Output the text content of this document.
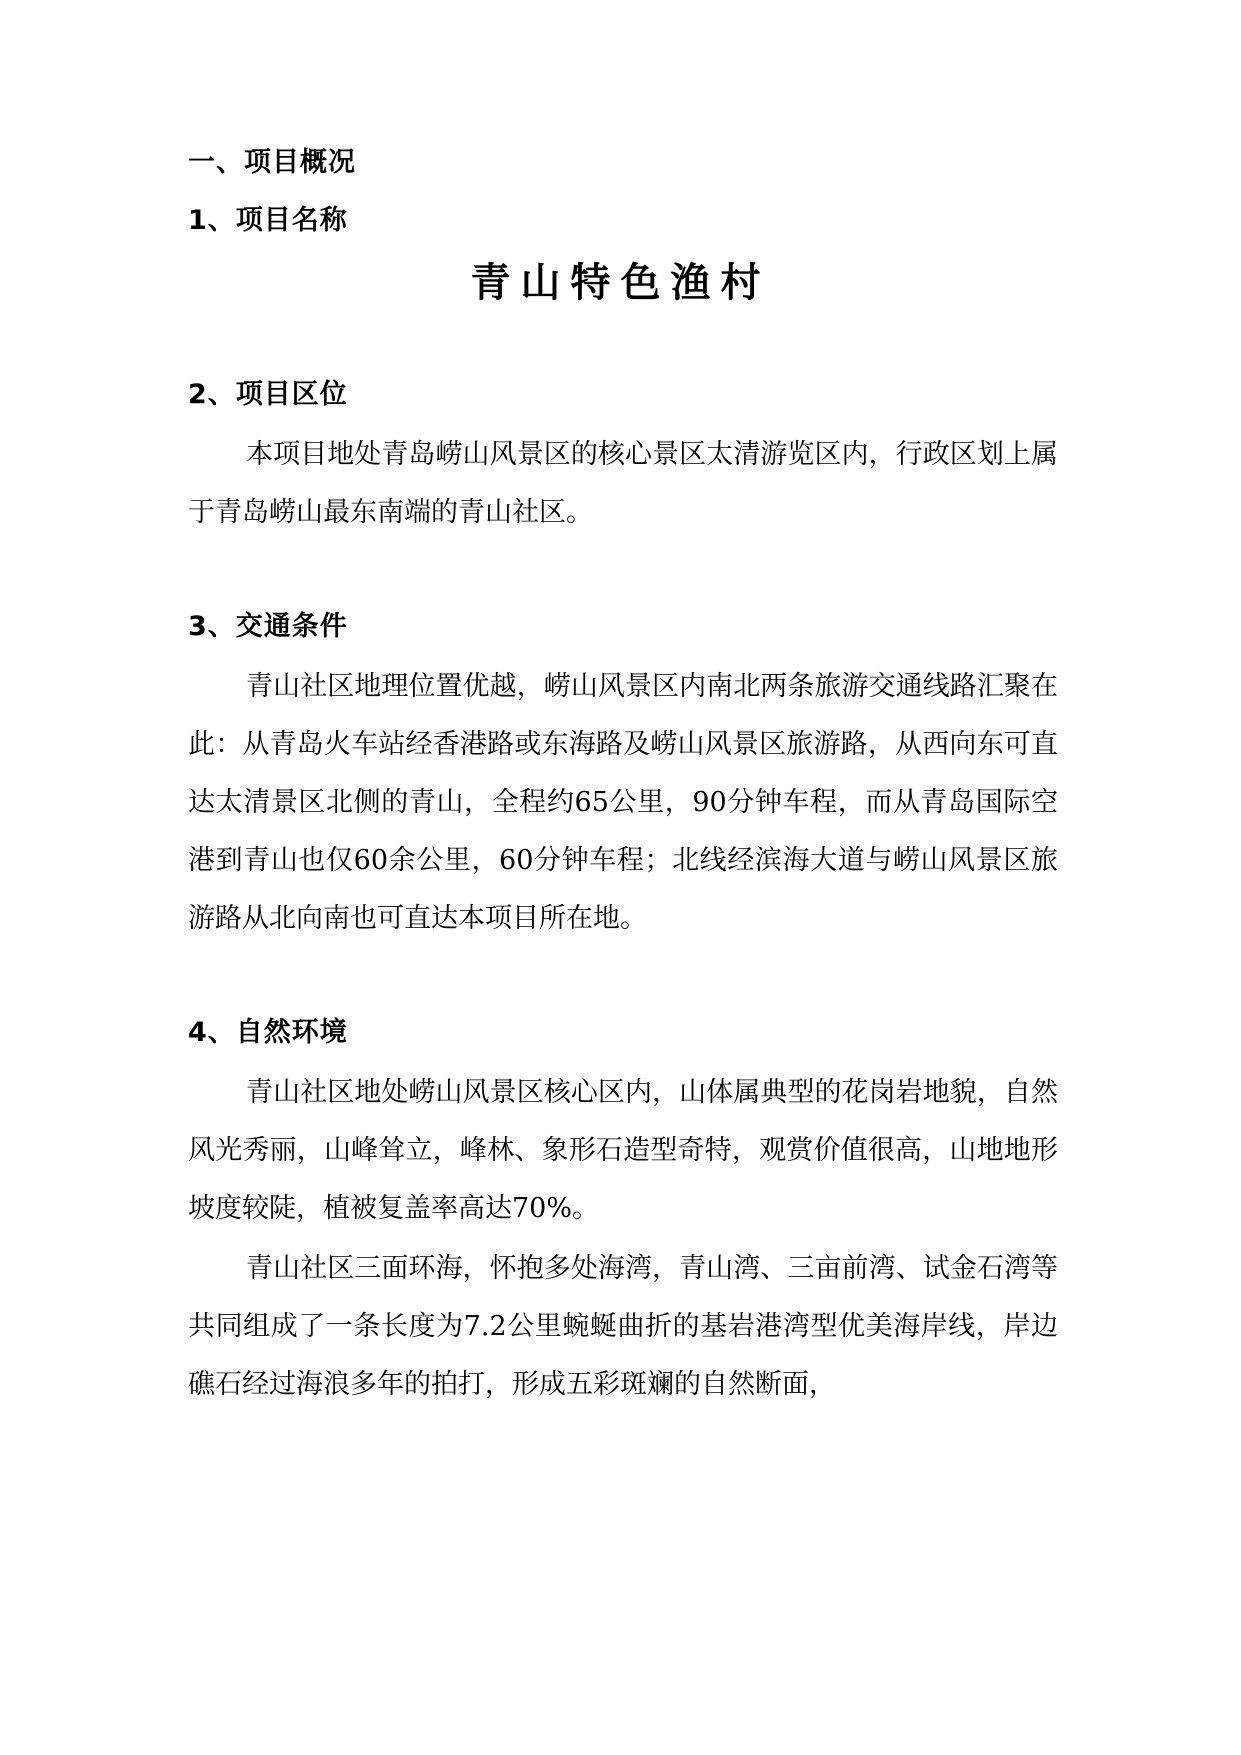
一、项目概况
1、项目名称
青山特色渔村
2、项目区位
本项目地处青岛崂山风景区的核心景区太清游览区内，行政区划上属于青岛崂山最东南端的青山社区。
3、交通条件
青山社区地理位置优越，崂山风景区内南北两条旅游交通线路汇聚在此：从青岛火车站经香港路或东海路及崂山风景区旅游路，从西向东可直达太清景区北侧的青山，全程约65公里，90分钟车程，而从青岛国际空港到青山也仅60余公里，60分钟车程；北线经滨海大道与崂山风景区旅游路从北向南也可直达本项目所在地。
4、自然环境
青山社区地处崂山风景区核心区内，山体属典型的花岗岩地貌，自然风光秀丽，山峰耸立，峰林、象形石造型奇特，观赏价值很高，山地地形坡度较陡，植被复盖率高达70%。
青山社区三面环海，怀抱多处海湾，青山湾、三亩前湾、试金石湾等共同组成了一条长度为7.2公里蜿蜒曲折的基岩港湾型优美海岸线，岸边礁石经过海浪多年的拍打，形成五彩斑斓的自然断面，
